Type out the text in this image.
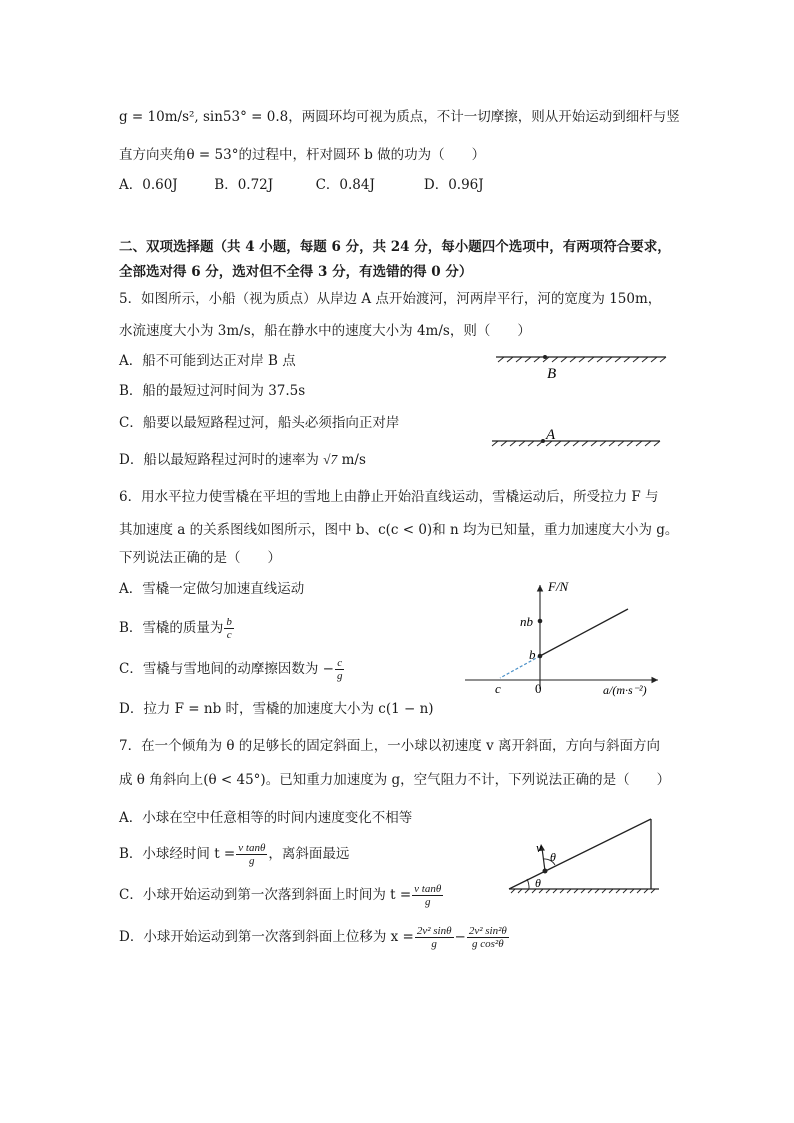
g = 10m/s², sin53° = 0.8，两圆环均可视为质点，不计一切摩擦，则从开始运动到细杆与竖
直方向夹角θ = 53°的过程中，杆对圆环 b 做的功为（　　）
A．0.60J	B．0.72J	C．0.84J	D．0.96J
二、双项选择题（共 4 小题，每题 6 分，共 24 分，每小题四个选项中，有两项符合要求，
全部选对得 6 分，选对但不全得 3 分，有选错的得 0 分）
5．如图所示，小船（视为质点）从岸边 A 点开始渡河，河两岸平行，河的宽度为 150m，
水流速度大小为 3m/s，船在静水中的速度大小为 4m/s，则（　　）
A．船不可能到达正对岸 B 点
B．船的最短过河时间为 37.5s
C．船要以最短路程过河，船头必须指向正对岸
D．船以最短路程过河时的速率为 √7 m/s
B
A
6．用水平拉力使雪橇在平坦的雪地上由静止开始沿直线运动，雪橇运动后，所受拉力 F 与
其加速度 a 的关系图线如图所示，图中 b、c(c < 0)和 n 均为已知量，重力加速度大小为 g。
下列说法正确的是（　　）
A．雪橇一定做匀加速直线运动
B．雪橇的质量为 $\frac{b}{c}$
C．雪橇与雪地间的动摩擦因数为 − $\frac{c}{g}$
D．拉力 F = nb 时，雪橇的加速度大小为 c(1 − n)
F/N
a/(m·s⁻²)
nb
b
c	0
7．在一个倾角为 θ 的足够长的固定斜面上，一小球以初速度 v 离开斜面，方向与斜面方向
成 θ 角斜向上(θ < 45°)。已知重力加速度为 g，空气阻力不计，下列说法正确的是（　　）
A．小球在空中任意相等的时间内速度变化不相等
B．小球经时间 $t = \frac{\text{v tanθ}}{g}$ ，离斜面最远
C．小球开始运动到第一次落到斜面上时间为 $t = \frac{\text{v tanθ}}{g}$
D．小球开始运动到第一次落到斜面上位移为 $x = \frac{\text{2v² sinθ}}{g} - \frac{\text{2v² sin²θ}}{\text{g cos²θ}}$
v
θ
θ
